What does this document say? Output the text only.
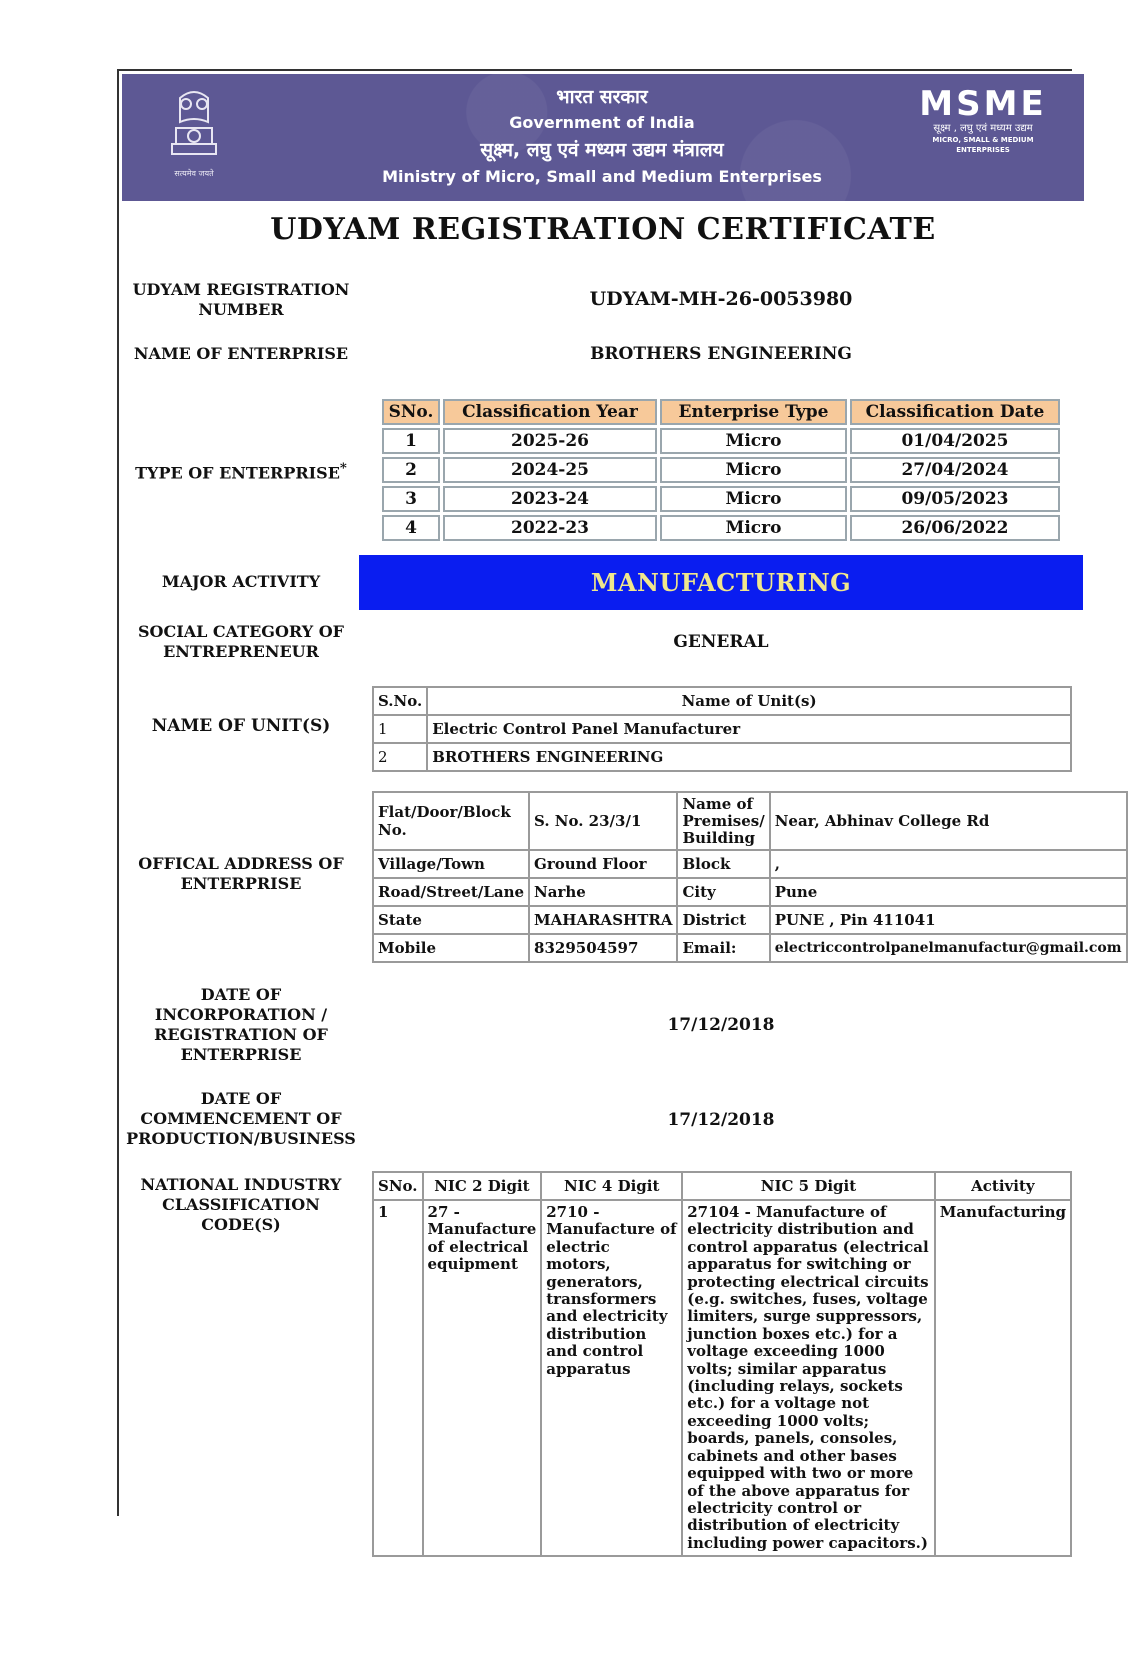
सत्यमेव जयते
भारत सरकार
Government of India
सूक्ष्म, लघु एवं मध्यम उद्यम मंत्रालय
Ministry of Micro, Small and Medium Enterprises
MSME
सूक्ष्म , लघु एवं मध्यम उद्यम
MICRO, SMALL & MEDIUM ENTERPRISES
UDYAM REGISTRATION CERTIFICATE
UDYAM REGISTRATION NUMBER	UDYAM-MH-26-0053980
NAME OF ENTERPRISE	BROTHERS ENGINEERING
TYPE OF ENTERPRISE*
SNo.	Classification Year	Enterprise Type	Classification Date
1	2025-26	Micro	01/04/2025
2	2024-25	Micro	27/04/2024
3	2023-24	Micro	09/05/2023
4	2022-23	Micro	26/06/2022
MAJOR ACTIVITY	MANUFACTURING
SOCIAL CATEGORY OF ENTREPRENEUR	GENERAL
NAME OF UNIT(S)
S.No.	Name of Unit(s)
1	Electric Control Panel Manufacturer
2	BROTHERS ENGINEERING
OFFICAL ADDRESS OF ENTERPRISE
Flat/Door/Block No.	S. No. 23/3/1	Name of Premises/ Building	Near, Abhinav College Rd
Village/Town	Ground Floor	Block	,
Road/Street/Lane	Narhe	City	Pune
State	MAHARASHTRA	District	PUNE , Pin 411041
Mobile	8329504597	Email:	electriccontrolpanelmanufactur@gmail.com
DATE OF INCORPORATION / REGISTRATION OF ENTERPRISE
17/12/2018
DATE OF COMMENCEMENT OF PRODUCTION/BUSINESS
17/12/2018
NATIONAL INDUSTRY CLASSIFICATION CODE(S)
SNo.	NIC 2 Digit	NIC 4 Digit	NIC 5 Digit	Activity
1	27 - Manufacture of electrical equipment	2710 - Manufacture of electric motors, generators, transformers and electricity distribution and control apparatus	27104 - Manufacture of electricity distribution and control apparatus (electrical apparatus for switching or protecting electrical circuits (e.g. switches, fuses, voltage limiters, surge suppressors, junction boxes etc.) for a voltage exceeding 1000 volts; similar apparatus (including relays, sockets etc.) for a voltage not exceeding 1000 volts; boards, panels, consoles, cabinets and other bases equipped with two or more of the above apparatus for electricity control or distribution of electricity including power capacitors.)	Manufacturing
